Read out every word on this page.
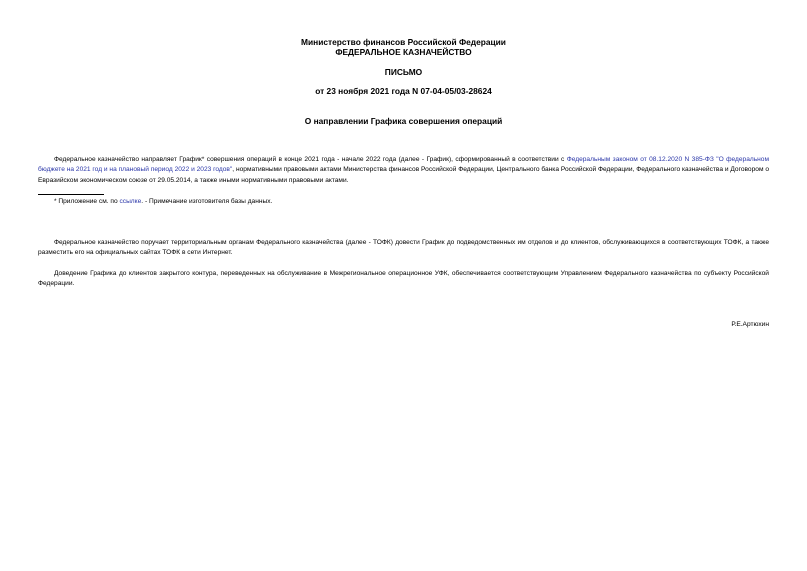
Министерство финансов Российской Федерации
ФЕДЕРАЛЬНОЕ КАЗНАЧЕЙСТВО
ПИСЬМО
от 23 ноября 2021 года N 07-04-05/03-28624
О направлении Графика совершения операций
Федеральное казначейство направляет График* совершения операций в конце 2021 года - начале 2022 года (далее - График), сформированный в соответствии с Федеральным законом от 08.12.2020 N 385-ФЗ "О федеральном бюджете на 2021 год и на плановый период 2022 и 2023 годов", нормативными правовыми актами Министерства финансов Российской Федерации, Центрального банка Российской Федерации, Федерального казначейства и Договором о Евразийском экономическом союзе от 29.05.2014, а также иными нормативными правовыми актами.
* Приложение см. по ссылке. - Примечание изготовителя базы данных.
Федеральное казначейство поручает территориальным органам Федерального казначейства (далее - ТОФК) довести График до подведомственных им отделов и до клиентов, обслуживающихся в соответствующих ТОФК, а также разместить его на официальных сайтах ТОФК в сети Интернет.
Доведение Графика до клиентов закрытого контура, переведенных на обслуживание в Межрегиональное операционное УФК, обеспечивается соответствующим Управлением Федерального казначейства по субъекту Российской Федерации.
Р.Е.Артюхин
